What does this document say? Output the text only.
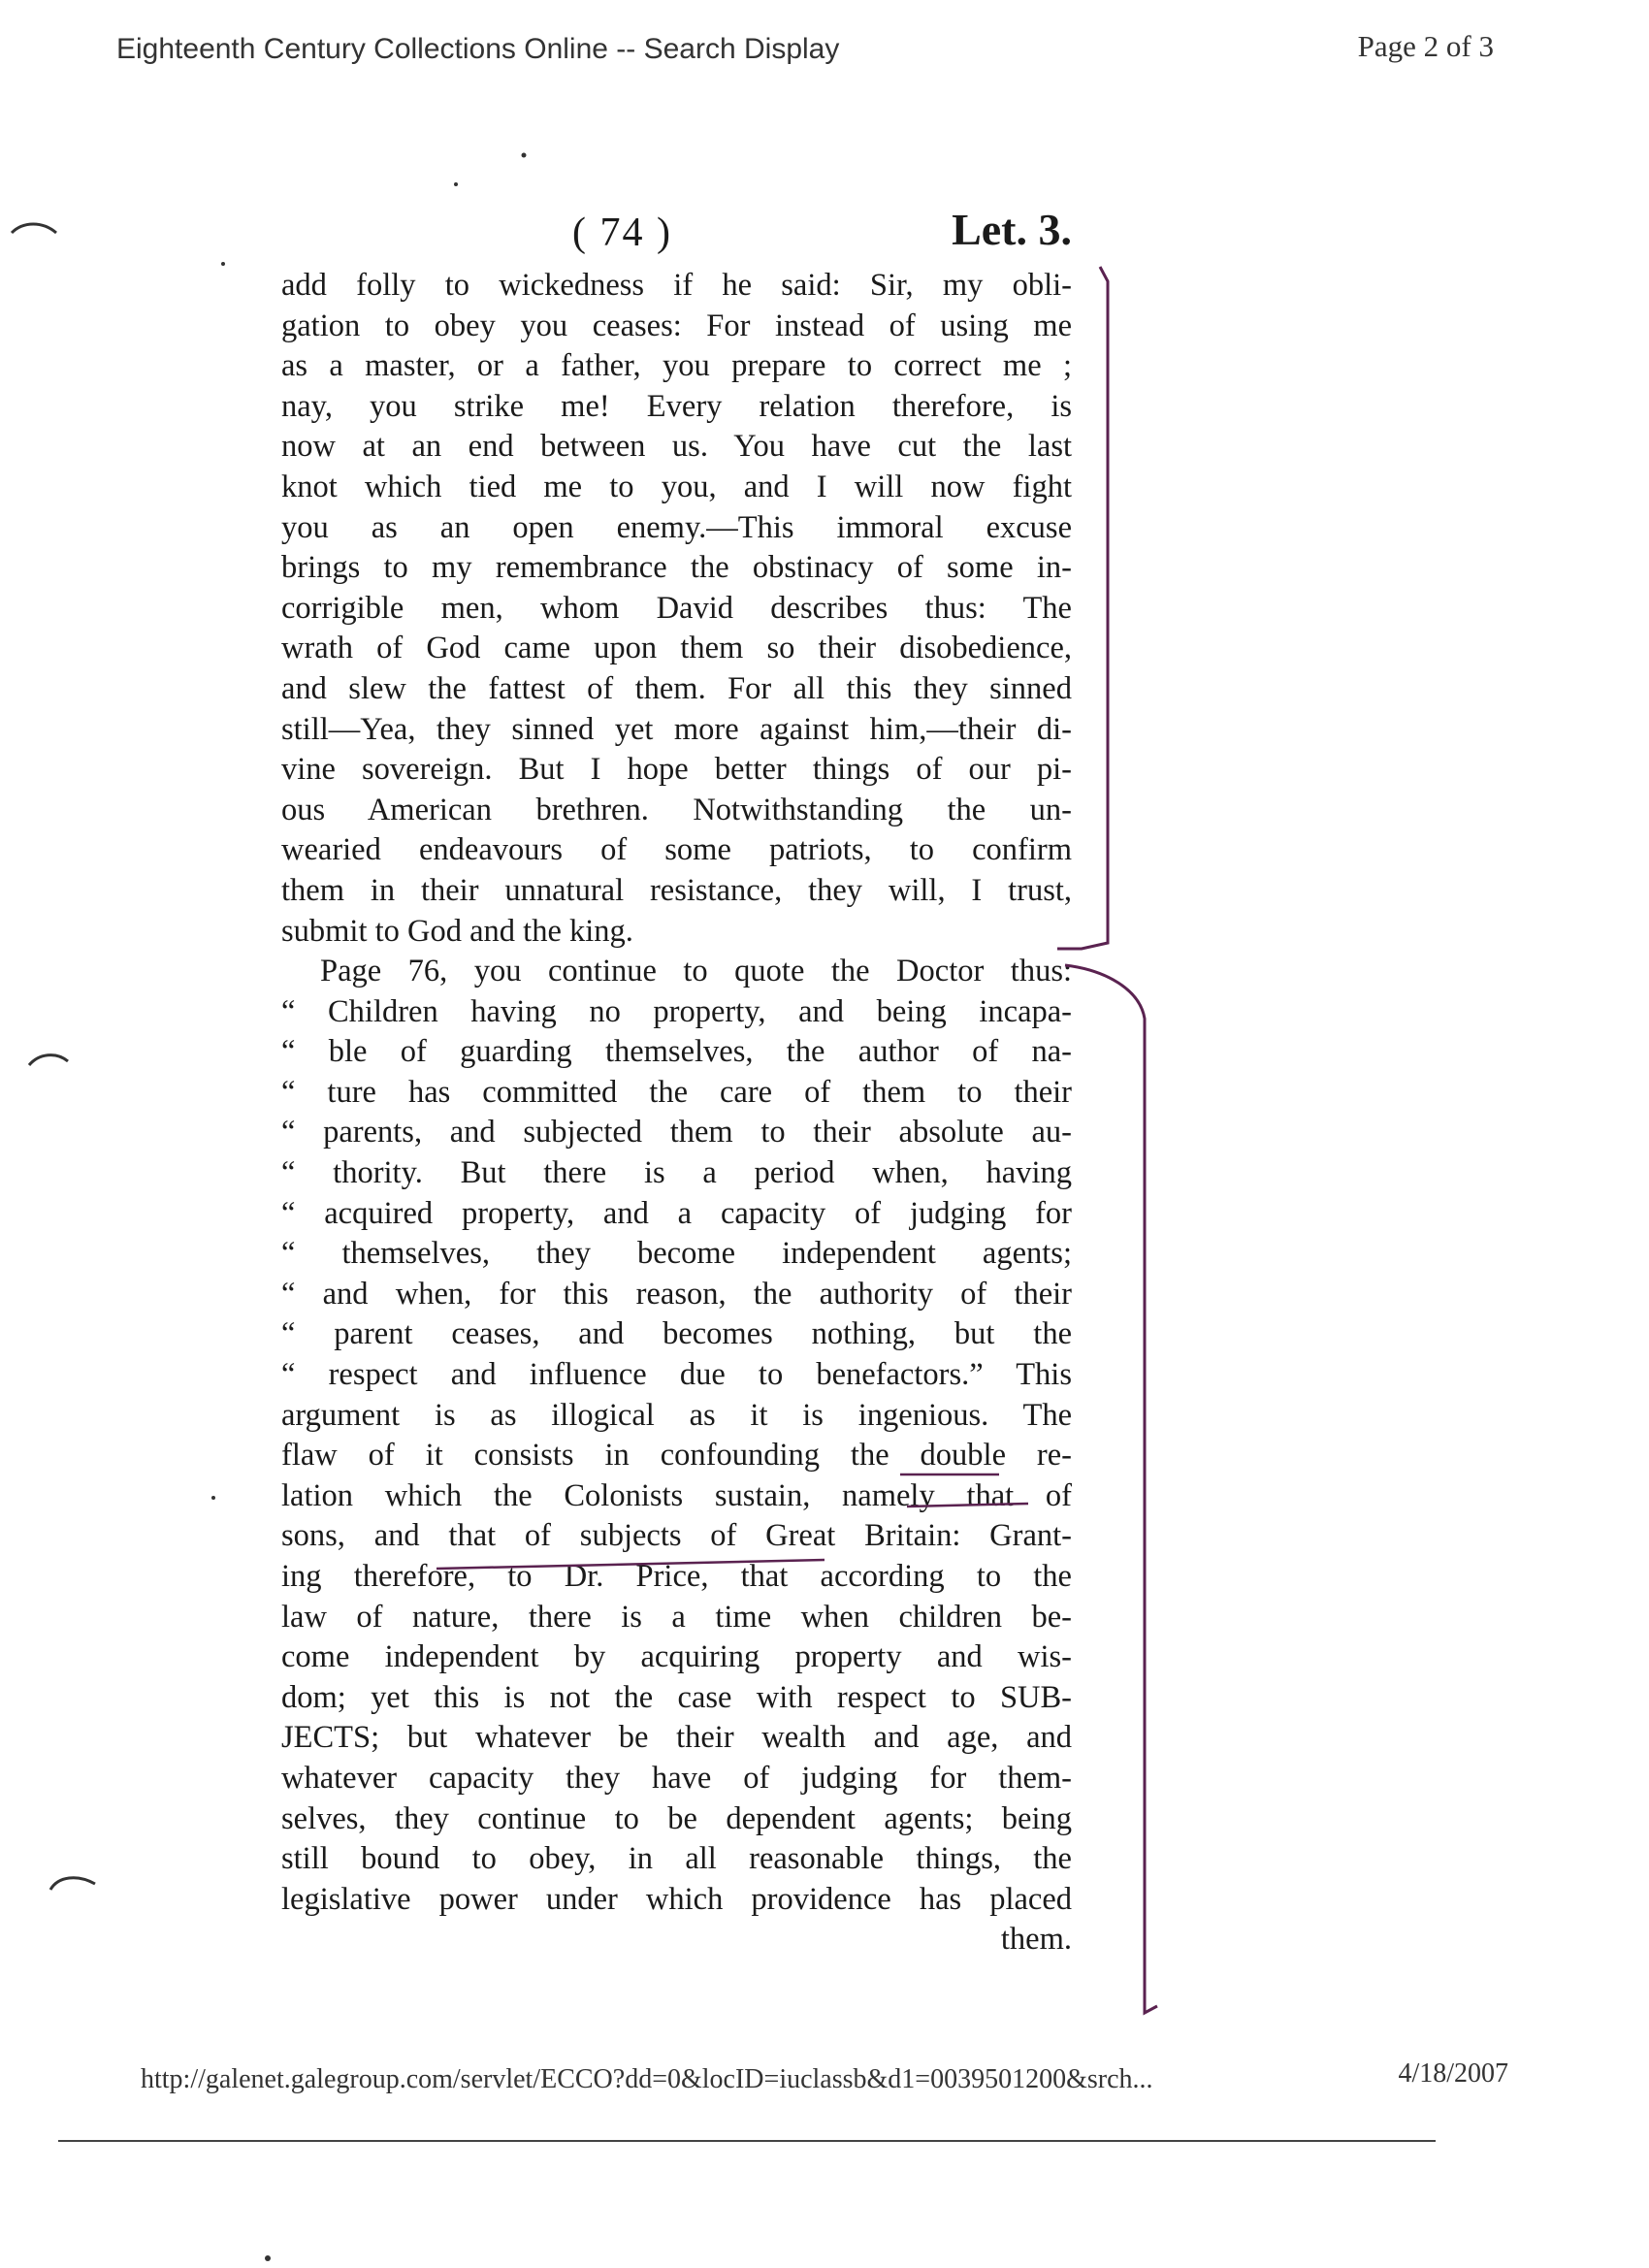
Eighteenth Century Collections Online -- Search Display	Page 2 of 3
( 74 )	Let. 3.
add folly to wickedness if he said: Sir, my obli-
gation to obey you ceases: For instead of using me
as a master, or a father, you prepare to correct me ;
nay, you strike me! Every relation therefore, is
now at an end between us. You have cut the last
knot which tied me to you, and I will now fight
you as an open enemy.—This immoral excuse
brings to my remembrance the obstinacy of some in-
corrigible men, whom David describes thus: The
wrath of God came upon them so their disobedience,
and slew the fattest of them. For all this they sinned
still—Yea, they sinned yet more against him,—their di-
vine sovereign. But I hope better things of our pi-
ous American brethren. Notwithstanding the un-
wearied endeavours of some patriots, to confirm
them in their unnatural resistance, they will, I trust,
submit to God and the king.
Page 76, you continue to quote the Doctor thus:
“ Children having no property, and being incapa-
“ ble of guarding themselves, the author of na-
“ ture has committed the care of them to their
“ parents, and subjected them to their absolute au-
“ thority. But there is a period when, having
“ acquired property, and a capacity of judging for
“ themselves, they become independent agents;
“ and when, for this reason, the authority of their
“ parent ceases, and becomes nothing, but the
“ respect and influence due to benefactors.” This
argument is as illogical as it is ingenious. The
flaw of it consists in confounding the double re-
lation which the Colonists sustain, namely that of
sons, and that of subjects of Great Britain: Grant-
ing therefore, to Dr. Price, that according to the
law of nature, there is a time when children be-
come independent by acquiring property and wis-
dom; yet this is not the case with respect to SUB-
JECTS; but whatever be their wealth and age, and
whatever capacity they have of judging for them-
selves, they continue to be dependent agents; being
still bound to obey, in all reasonable things, the
legislative power under which providence has placed
them.
http://galenet.galegroup.com/servlet/ECCO?dd=0&locID=iuclassb&d1=0039501200&srch...	4/18/2007
